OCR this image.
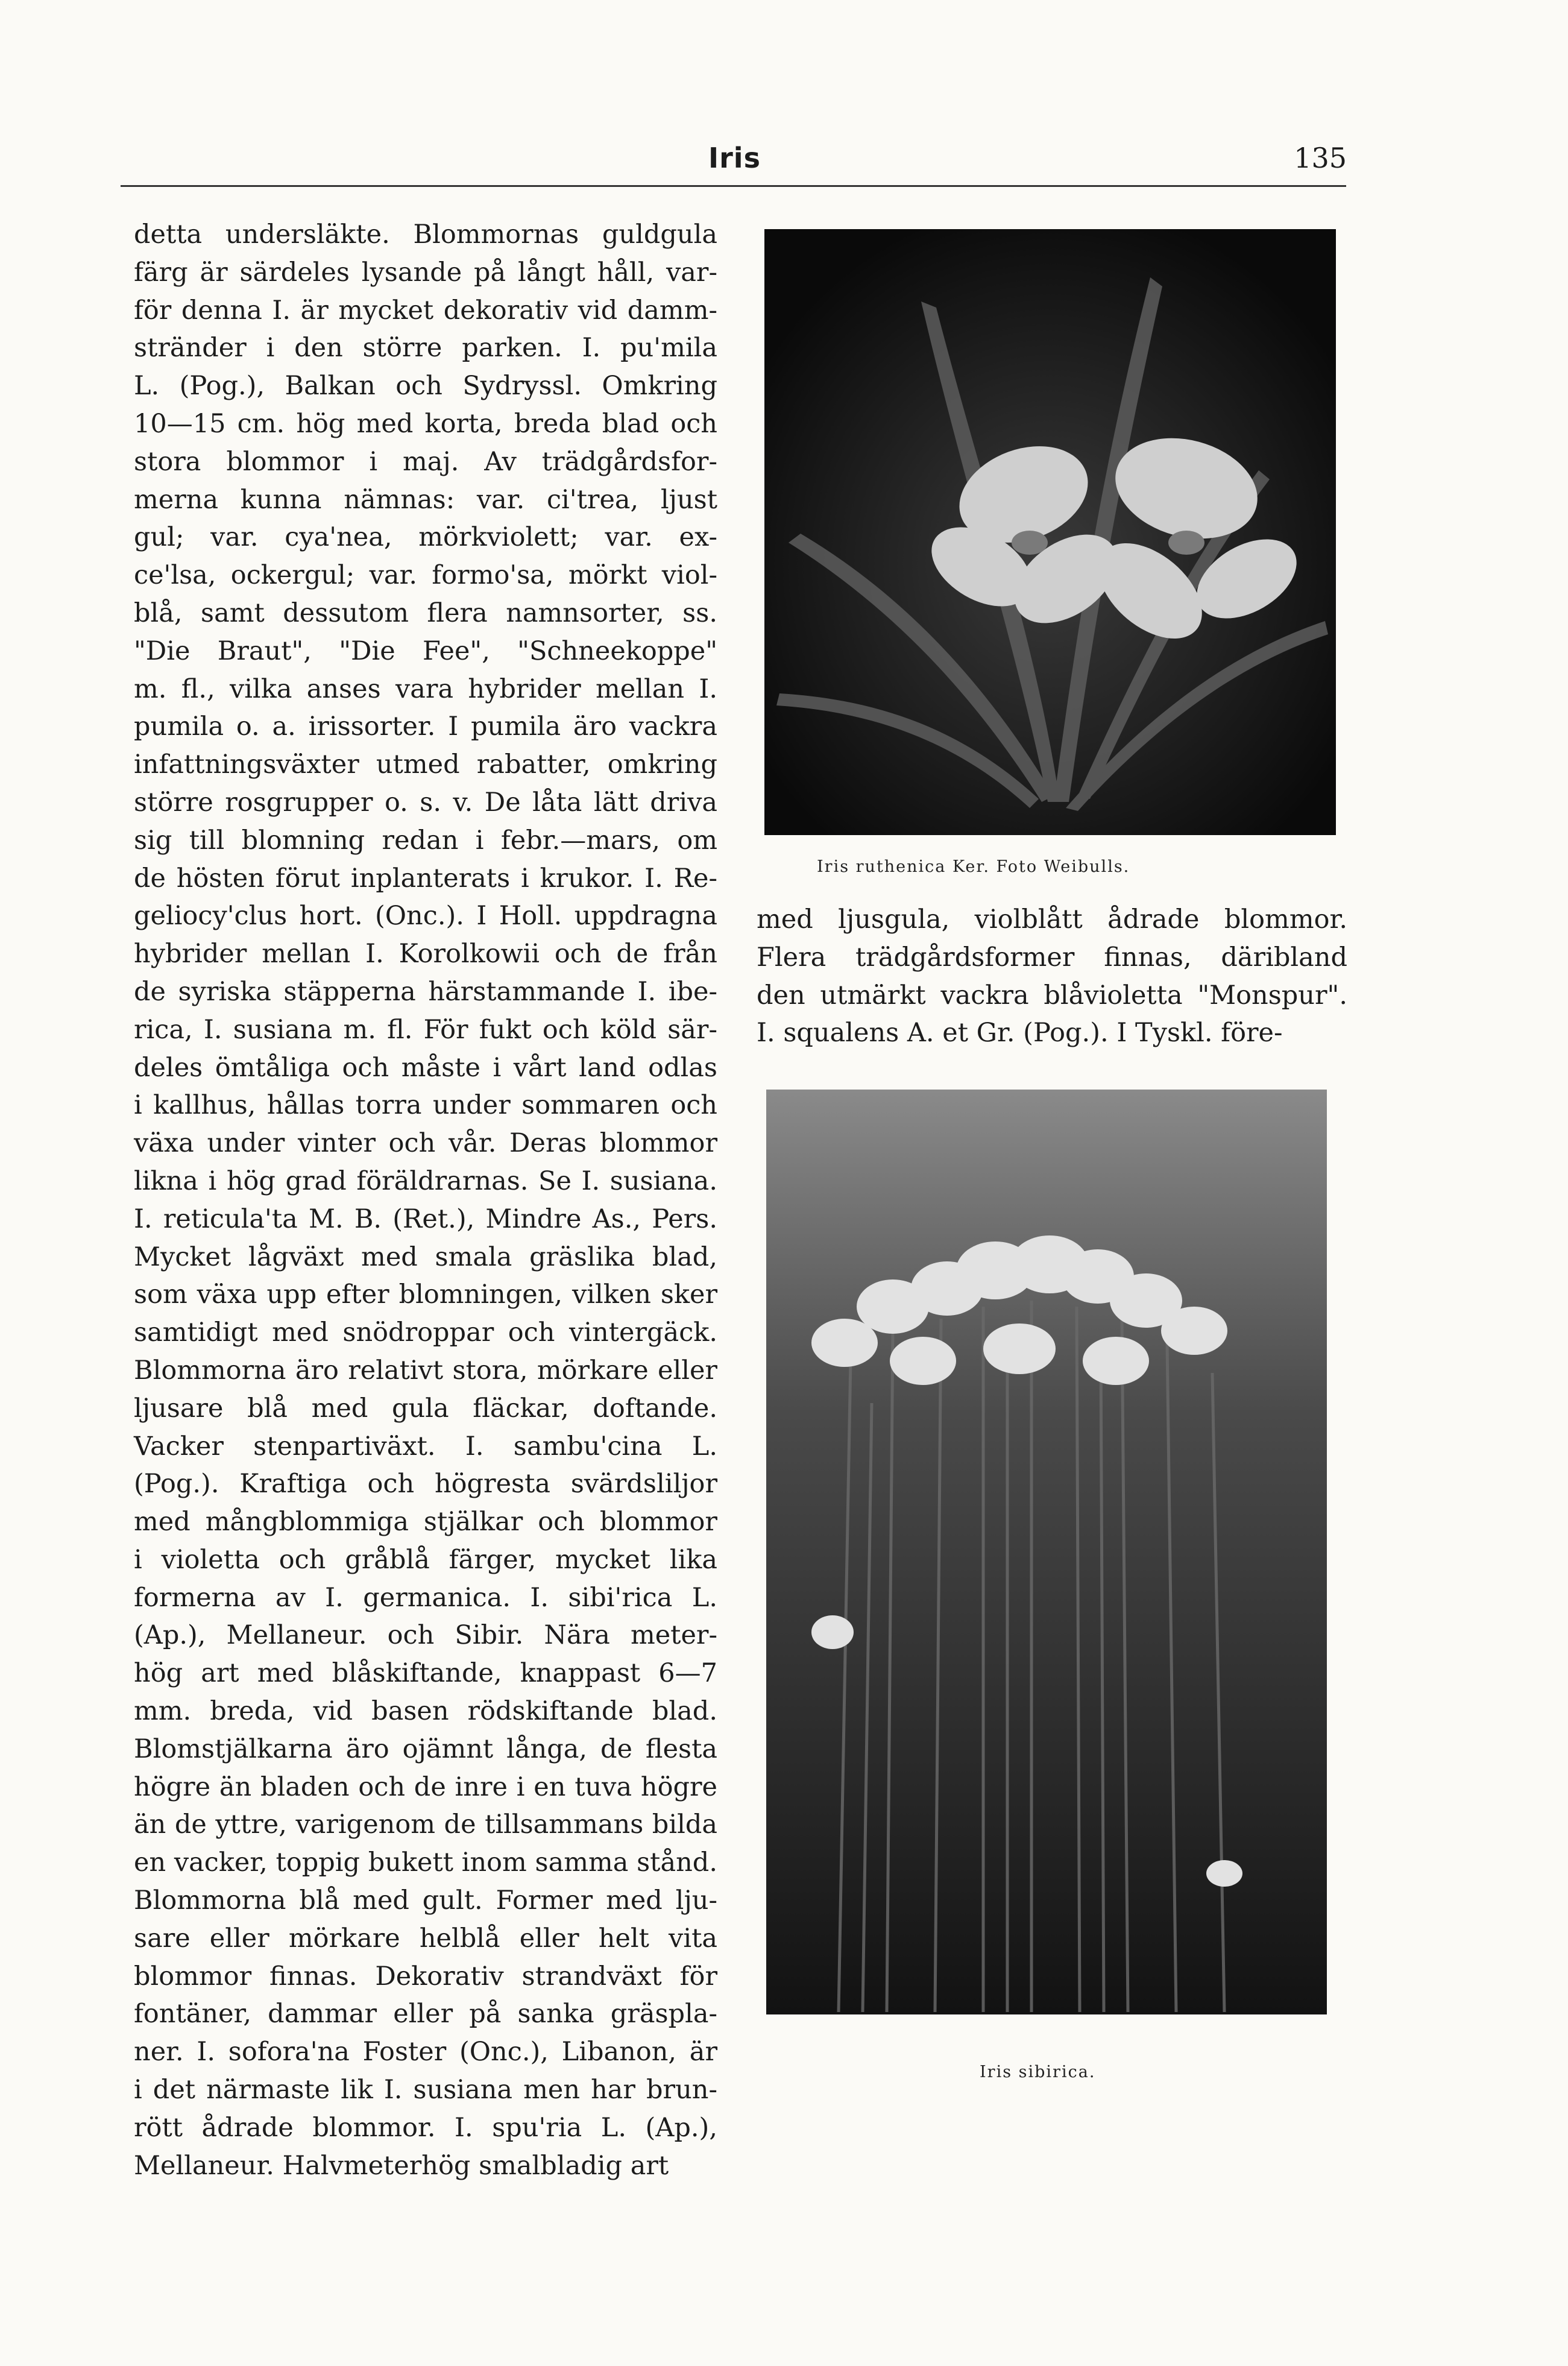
Iris	135
detta undersläkte. Blommornas guldgula
färg är särdeles lysande på långt håll, var-
för denna I. är mycket dekorativ vid damm-
stränder i den större parken. I. pu'mila
L. (Pog.), Balkan och Sydryssl. Omkring
10—15 cm. hög med korta, breda blad och
stora blommor i maj. Av trädgårdsfor-
merna kunna nämnas: var. ci'trea, ljust
gul; var. cya'nea, mörkviolett; var. ex-
ce'lsa, ockergul; var. formo'sa, mörkt viol-
blå, samt dessutom flera namnsorter, ss.
"Die Braut", "Die Fee", "Schneekoppe"
m. fl., vilka anses vara hybrider mellan I.
pumila o. a. irissorter. I pumila äro vackra
infattningsväxter utmed rabatter, omkring
större rosgrupper o. s. v. De låta lätt driva
sig till blomning redan i febr.—mars, om
de hösten förut inplanterats i krukor. I. Re-
geliocy'clus hort. (Onc.). I Holl. uppdragna
hybrider mellan I. Korolkowii och de från
de syriska stäpperna härstammande I. ibe-
rica, I. susiana m. fl. För fukt och köld sär-
deles ömtåliga och måste i vårt land odlas
i kallhus, hållas torra under sommaren och
växa under vinter och vår. Deras blommor
likna i hög grad föräldrarnas. Se I. susiana.
I. reticula'ta M. B. (Ret.), Mindre As., Pers.
Mycket lågväxt med smala gräslika blad,
som växa upp efter blomningen, vilken sker
samtidigt med snödroppar och vintergäck.
Blommorna äro relativt stora, mörkare eller
ljusare blå med gula fläckar, doftande.
Vacker stenpartiväxt. I. sambu'cina L.
(Pog.). Kraftiga och högresta svärdsliljor
med mångblommiga stjälkar och blommor
i violetta och gråblå färger, mycket lika
formerna av I. germanica. I. sibi'rica L.
(Ap.), Mellaneur. och Sibir. Nära meter-
hög art med blåskiftande, knappast 6—7
mm. breda, vid basen rödskiftande blad.
Blomstjälkarna äro ojämnt långa, de flesta
högre än bladen och de inre i en tuva högre
än de yttre, varigenom de tillsammans bilda
en vacker, toppig bukett inom samma stånd.
Blommorna blå med gult. Former med lju-
sare eller mörkare helblå eller helt vita
blommor finnas. Dekorativ strandväxt för
fontäner, dammar eller på sanka gräspla-
ner. I. sofora'na Foster (Onc.), Libanon, är
i det närmaste lik I. susiana men har brun-
rött ådrade blommor. I. spu'ria L. (Ap.),
Mellaneur. Halvmeterhög smalbladig art
Iris ruthenica Ker. Foto Weibulls.
med ljusgula, violblått ådrade blommor.
Flera trädgårdsformer finnas, däribland
den utmärkt vackra blåvioletta "Monspur".
I. squalens A. et Gr. (Pog.). I Tyskl. före-
Iris sibirica.
